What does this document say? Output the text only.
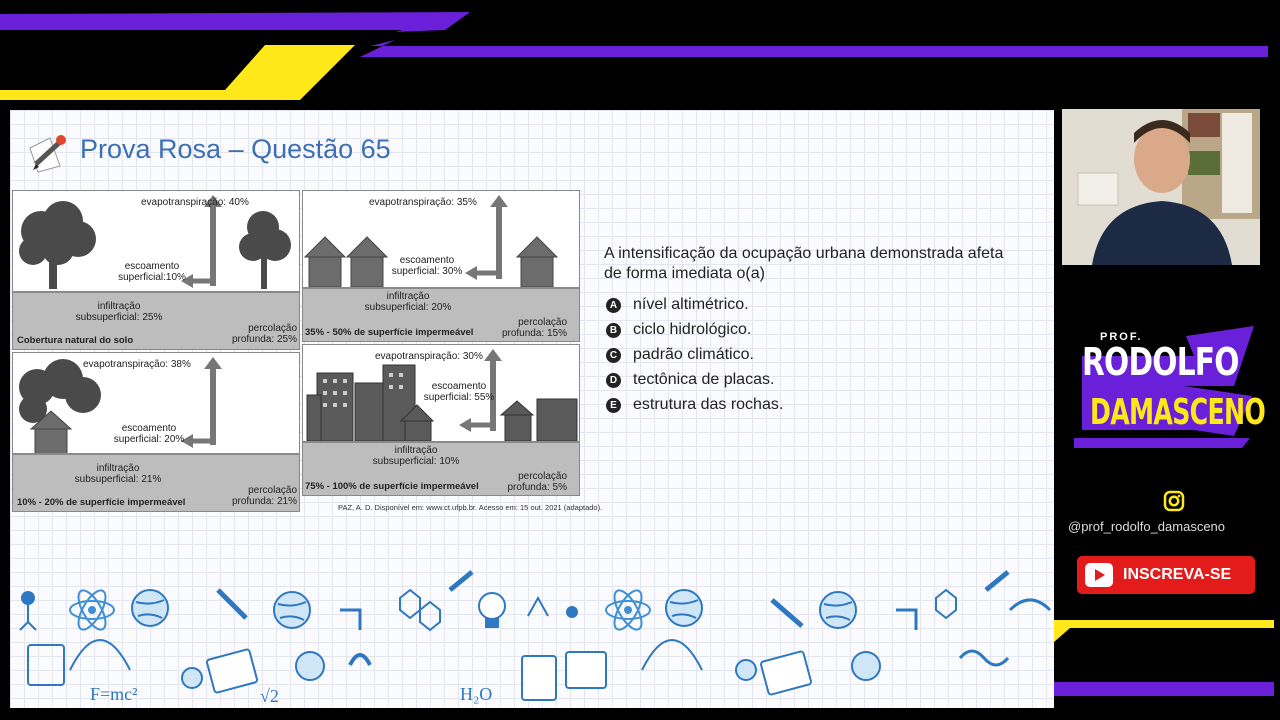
Prova Rosa – Questão 65
evapotranspiração: 40%
escoamento
superficial:10%
infiltração
subsuperficial: 25%
percolação
profunda: 25%
Cobertura natural do solo
evapotranspiração: 35%
escoamento
superficial: 30%
infiltração
subsuperficial: 20%
percolação
profunda: 15%
35% - 50% de superfície impermeável
evapotranspiração: 38%
escoamento
superficial: 20%
infiltração
subsuperficial: 21%
percolação
profunda: 21%
10% - 20% de superfície impermeável
evapotranspiração: 30%
escoamento
superficial: 55%
infiltração
subsuperficial: 10%
percolação
profunda: 5%
75% - 100% de superfície impermeável
PAZ, A. D. Disponível em: www.ct.ufpb.br. Acesso em: 15 out. 2021 (adaptado).
A intensificação da ocupação urbana demonstrada afeta de forma imediata o(a)
A nível altimétrico.
B ciclo hidrológico.
C padrão climático.
D tectônica de placas.
E estrutura das rochas.
F=mc²	√2	H₂O
PROF.
RODOLFO
DAMASCENO
@prof_rodolfo_damasceno
INSCREVA-SE
